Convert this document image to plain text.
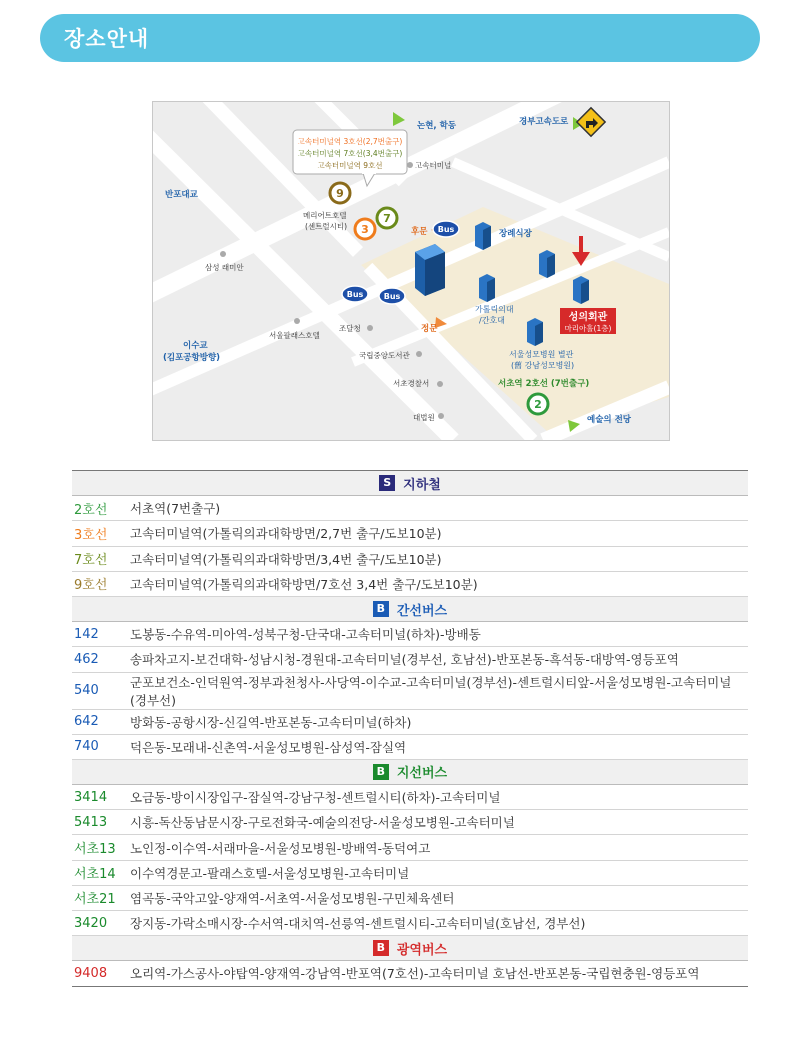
장소안내
성의회관
마리아홀(1층)
Bus
Bus	Bus
고속터미널역 3호선(2,7번출구)
고속터미널역 7호선(3,4번출구)
고속터미널역 9호선
9
3
7
2
논현, 학동	경부고속도로
고속터미널
반포대교
삼성 래미안
메리어트호텔
(센트럴시티)
후문
정문
장례식장
가톨릭의대
/간호대
서울성모병원 별관
(舊 강남성모병원)
서울팔래스호텔
조달청
국립중앙도서관
이수교
(김포공항방향)
서초경찰서
대법원
서초역 2호선 (7번출구)
예술의 전당
S 지하철	
2호선	서초역(7번출구)
3호선	고속터미널역(가톨릭의과대학방면/2,7번 출구/도보10분)
7호선	고속터미널역(가톨릭의과대학방면/3,4번 출구/도보10분)
9호선	고속터미널역(가톨릭의과대학방면/7호선 3,4번 출구/도보10분)
B 간선버스	
142	도봉동-수유역-미아역-성북구청-단국대-고속터미널(하차)-방배동
462	송파차고지-보건대학-성남시청-경원대-고속터미널(경부선, 호남선)-반포본동-흑석동-대방역-영등포역
540	군포보건소-인덕원역-정부과천청사-사당역-이수교-고속터미널(경부선)-센트럴시티앞-서울성모병원-고속터미널(경부선)
642	방화동-공항시장-신길역-반포본동-고속터미널(하차)
740	덕은동-모래내-신촌역-서울성모병원-삼성역-잠실역
B 지선버스	
3414	오금동-방이시장입구-잠실역-강남구청-센트럴시티(하차)-고속터미널
5413	시흥-독산동남문시장-구로전화국-예술의전당-서울성모병원-고속터미널
서초13	노인정-이수역-서래마을-서울성모병원-방배역-동덕여고
서초14	이수역경문고-팔래스호텔-서울성모병원-고속터미널
서초21	염곡동-국악고앞-양재역-서초역-서울성모병원-구민체육센터
3420	장지동-가락소매시장-수서역-대치역-선릉역-센트럴시티-고속터미널(호남선, 경부선)
B 광역버스	
9408	오리역-가스공사-야탑역-양재역-강남역-반포역(7호선)-고속터미널 호남선-반포본동-국립현충원-영등포역
